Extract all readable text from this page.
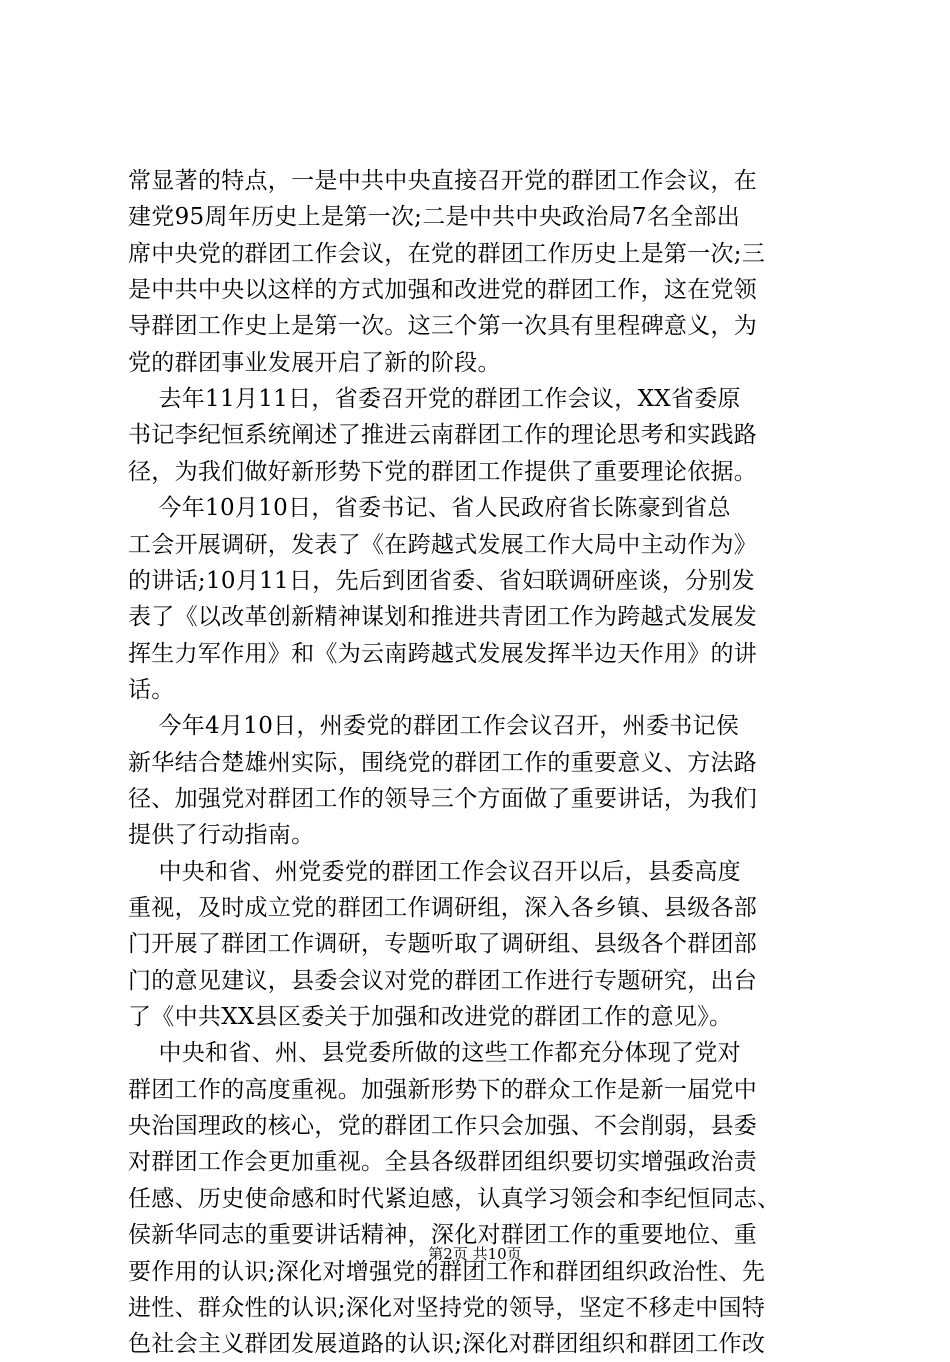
常显著的特点，一是中共中央直接召开党的群团工作会议，在
建党95周年历史上是第一次;二是中共中央政治局7名全部出
席中央党的群团工作会议，在党的群团工作历史上是第一次;三
是中共中央以这样的方式加强和改进党的群团工作，这在党领
导群团工作史上是第一次。这三个第一次具有里程碑意义，为
党的群团事业发展开启了新的阶段。
去年11月11日，省委召开党的群团工作会议，XX省委原
书记李纪恒系统阐述了推进云南群团工作的理论思考和实践路
径，为我们做好新形势下党的群团工作提供了重要理论依据。
今年10月10日，省委书记、省人民政府省长陈豪到省总
工会开展调研，发表了《在跨越式发展工作大局中主动作为》
的讲话;10月11日，先后到团省委、省妇联调研座谈，分别发
表了《以改革创新精神谋划和推进共青团工作为跨越式发展发
挥生力军作用》和《为云南跨越式发展发挥半边天作用》的讲
话。
今年4月10日，州委党的群团工作会议召开，州委书记侯
新华结合楚雄州实际，围绕党的群团工作的重要意义、方法路
径、加强党对群团工作的领导三个方面做了重要讲话，为我们
提供了行动指南。
中央和省、州党委党的群团工作会议召开以后，县委高度
重视，及时成立党的群团工作调研组，深入各乡镇、县级各部
门开展了群团工作调研，专题听取了调研组、县级各个群团部
门的意见建议，县委会议对党的群团工作进行专题研究，出台
了《中共XX县区委关于加强和改进党的群团工作的意见》。
中央和省、州、县党委所做的这些工作都充分体现了党对
群团工作的高度重视。加强新形势下的群众工作是新一届党中
央治国理政的核心，党的群团工作只会加强、不会削弱，县委
对群团工作会更加重视。全县各级群团组织要切实增强政治责
任感、历史使命感和时代紧迫感，认真学习领会和李纪恒同志、
侯新华同志的重要讲话精神，深化对群团工作的重要地位、重
要作用的认识;深化对增强党的群团工作和群团组织政治性、先
进性、群众性的认识;深化对坚持党的领导，坚定不移走中国特
色社会主义群团发展道路的认识;深化对群团组织和群团工作改
第2页 共10页
